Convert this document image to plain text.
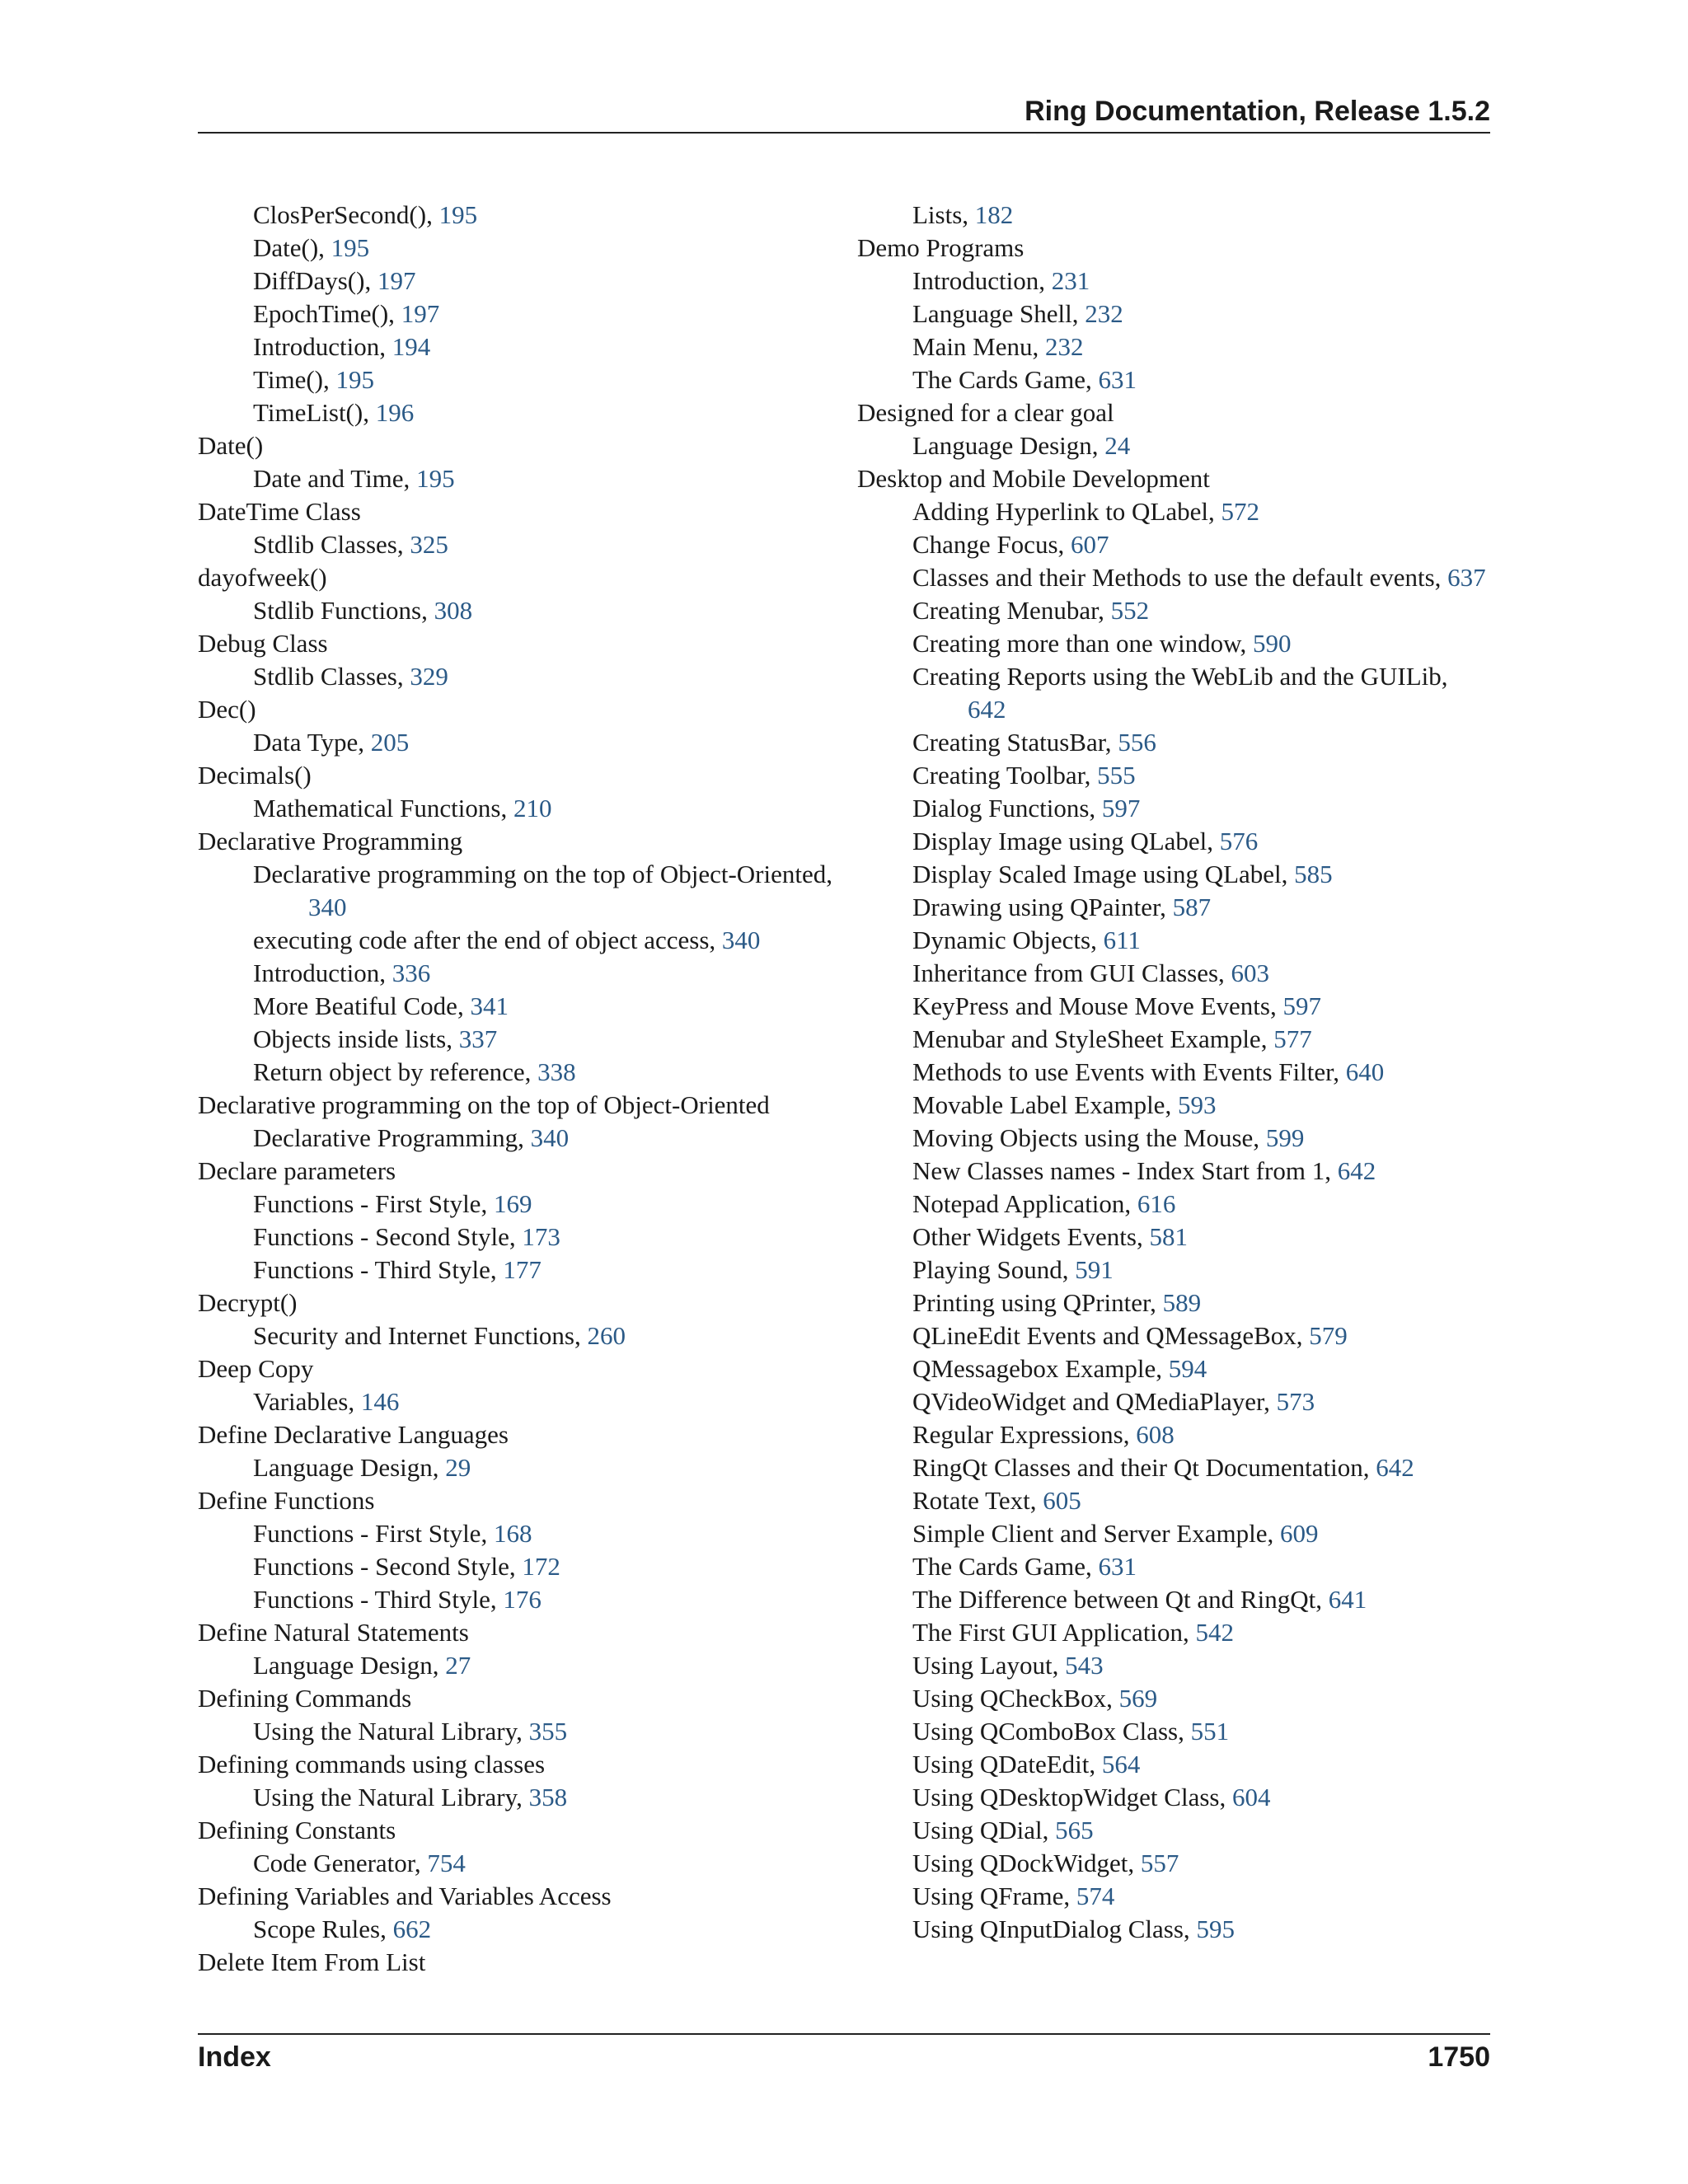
Ring Documentation, Release 1.5.2
ClosPerSecond(), 195
Date(), 195
DiffDays(), 197
EpochTime(), 197
Introduction, 194
Time(), 195
TimeList(), 196
Date()
Date and Time, 195
DateTime Class
Stdlib Classes, 325
dayofweek()
Stdlib Functions, 308
Debug Class
Stdlib Classes, 329
Dec()
Data Type, 205
Decimals()
Mathematical Functions, 210
Declarative Programming
Declarative programming on the top of Object-Oriented, 340
executing code after the end of object access, 340
Introduction, 336
More Beatiful Code, 341
Objects inside lists, 337
Return object by reference, 338
Declarative programming on the top of Object-Oriented
Declarative Programming, 340
Declare parameters
Functions - First Style, 169
Functions - Second Style, 173
Functions - Third Style, 177
Decrypt()
Security and Internet Functions, 260
Deep Copy
Variables, 146
Define Declarative Languages
Language Design, 29
Define Functions
Functions - First Style, 168
Functions - Second Style, 172
Functions - Third Style, 176
Define Natural Statements
Language Design, 27
Defining Commands
Using the Natural Library, 355
Defining commands using classes
Using the Natural Library, 358
Defining Constants
Code Generator, 754
Defining Variables and Variables Access
Scope Rules, 662
Delete Item From List
Lists, 182
Demo Programs
Introduction, 231
Language Shell, 232
Main Menu, 232
The Cards Game, 631
Designed for a clear goal
Language Design, 24
Desktop and Mobile Development
Adding Hyperlink to QLabel, 572
Change Focus, 607
Classes and their Methods to use the default events, 637
Creating Menubar, 552
Creating more than one window, 590
Creating Reports using the WebLib and the GUILib, 642
Creating StatusBar, 556
Creating Toolbar, 555
Dialog Functions, 597
Display Image using QLabel, 576
Display Scaled Image using QLabel, 585
Drawing using QPainter, 587
Dynamic Objects, 611
Inheritance from GUI Classes, 603
KeyPress and Mouse Move Events, 597
Menubar and StyleSheet Example, 577
Methods to use Events with Events Filter, 640
Movable Label Example, 593
Moving Objects using the Mouse, 599
New Classes names - Index Start from 1, 642
Notepad Application, 616
Other Widgets Events, 581
Playing Sound, 591
Printing using QPrinter, 589
QLineEdit Events and QMessageBox, 579
QMessagebox Example, 594
QVideoWidget and QMediaPlayer, 573
Regular Expressions, 608
RingQt Classes and their Qt Documentation, 642
Rotate Text, 605
Simple Client and Server Example, 609
The Cards Game, 631
The Difference between Qt and RingQt, 641
The First GUI Application, 542
Using Layout, 543
Using QCheckBox, 569
Using QComboBox Class, 551
Using QDateEdit, 564
Using QDesktopWidget Class, 604
Using QDial, 565
Using QDockWidget, 557
Using QFrame, 574
Using QInputDialog Class, 595
Index	1750
